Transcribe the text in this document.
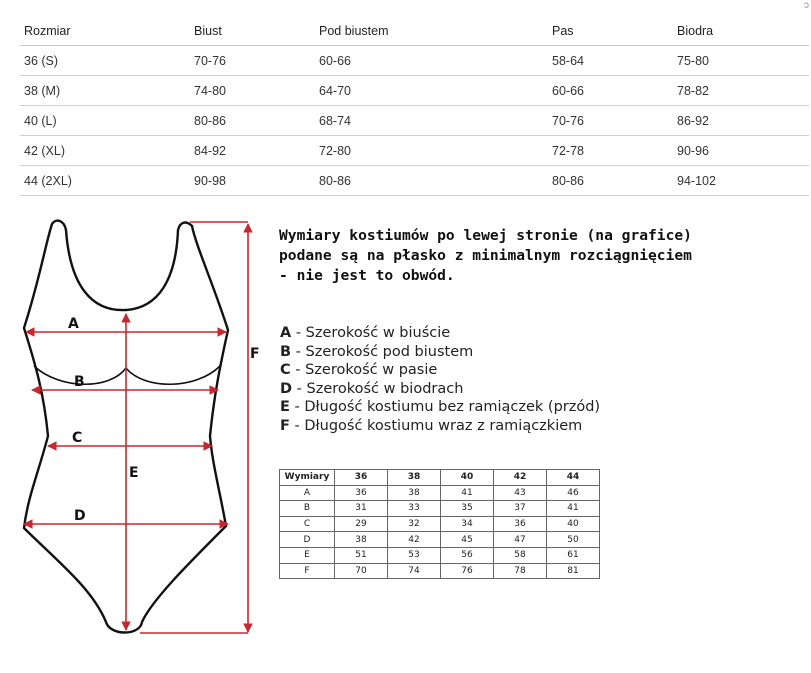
Rozmiar	Biust	Pod biustem	Pas	Biodra
36 (S)	70-76	60-66	58-64	75-80
38 (M)	74-80	64-70	60-66	78-82
40 (L)	80-86	68-74	70-76	86-92
42 (XL)	84-92	72-80	72-78	90-96
44 (2XL)	90-98	80-86	80-86	94-102
ɔ
A
B
C
E
D
F
Wymiary kostiumów po lewej stronie (na grafice)
podane są na płasko z minimalnym rozciągnięciem
- nie jest to obwód.
A - Szerokość w biuście
B - Szerokość pod biustem
C - Szerokość w pasie
D - Szerokość w biodrach
E - Długość kostiumu bez ramiączek (przód)
F - Długość kostiumu wraz z ramiączkiem
Wymiary	36	38	40	42	44
A	36	38	41	43	46
B	31	33	35	37	41
C	29	32	34	36	40
D	38	42	45	47	50
E	51	53	56	58	61
F	70	74	76	78	81
